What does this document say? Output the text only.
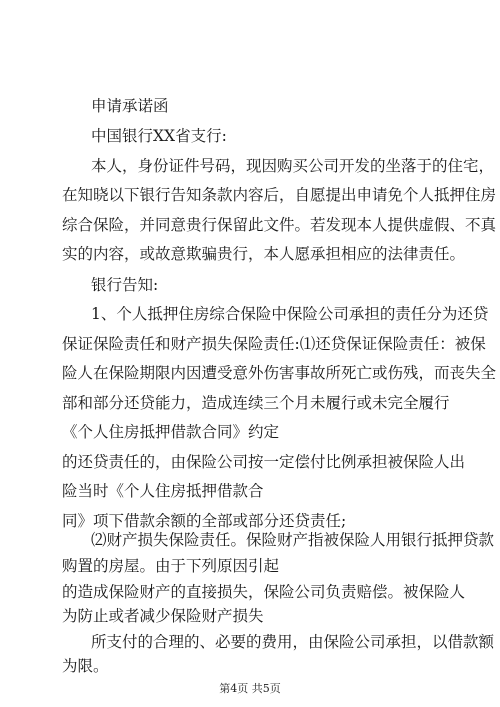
申请承诺函
中国银行XX省支行:
本人，身份证件号码，现因购买公司开发的坐落于的住宅，
在知晓以下银行告知条款内容后，自愿提出申请免个人抵押住房
综合保险，并同意贵行保留此文件。若发现本人提供虚假、不真
实的内容，或故意欺骗贵行，本人愿承担相应的法律责任。
银行告知:
1、个人抵押住房综合保险中保险公司承担的责任分为还贷
保证保险责任和财产损失保险责任:⑴还贷保证保险责任：被保
险人在保险期限内因遭受意外伤害事故所死亡或伤残，而丧失全
部和部分还贷能力，造成连续三个月未履行或未完全履行
《个人住房抵押借款合同》约定
的还贷责任的，由保险公司按一定偿付比例承担被保险人出
险当时《个人住房抵押借款合
同》项下借款余额的全部或部分还贷责任;
⑵财产损失保险责任。保险财产指被保险人用银行抵押贷款
购置的房屋。由于下列原因引起
的造成保险财产的直接损失，保险公司负责赔偿。被保险人
为防止或者减少保险财产损失
所支付的合理的、必要的费用，由保险公司承担，以借款额
为限。
第4页 共5页
